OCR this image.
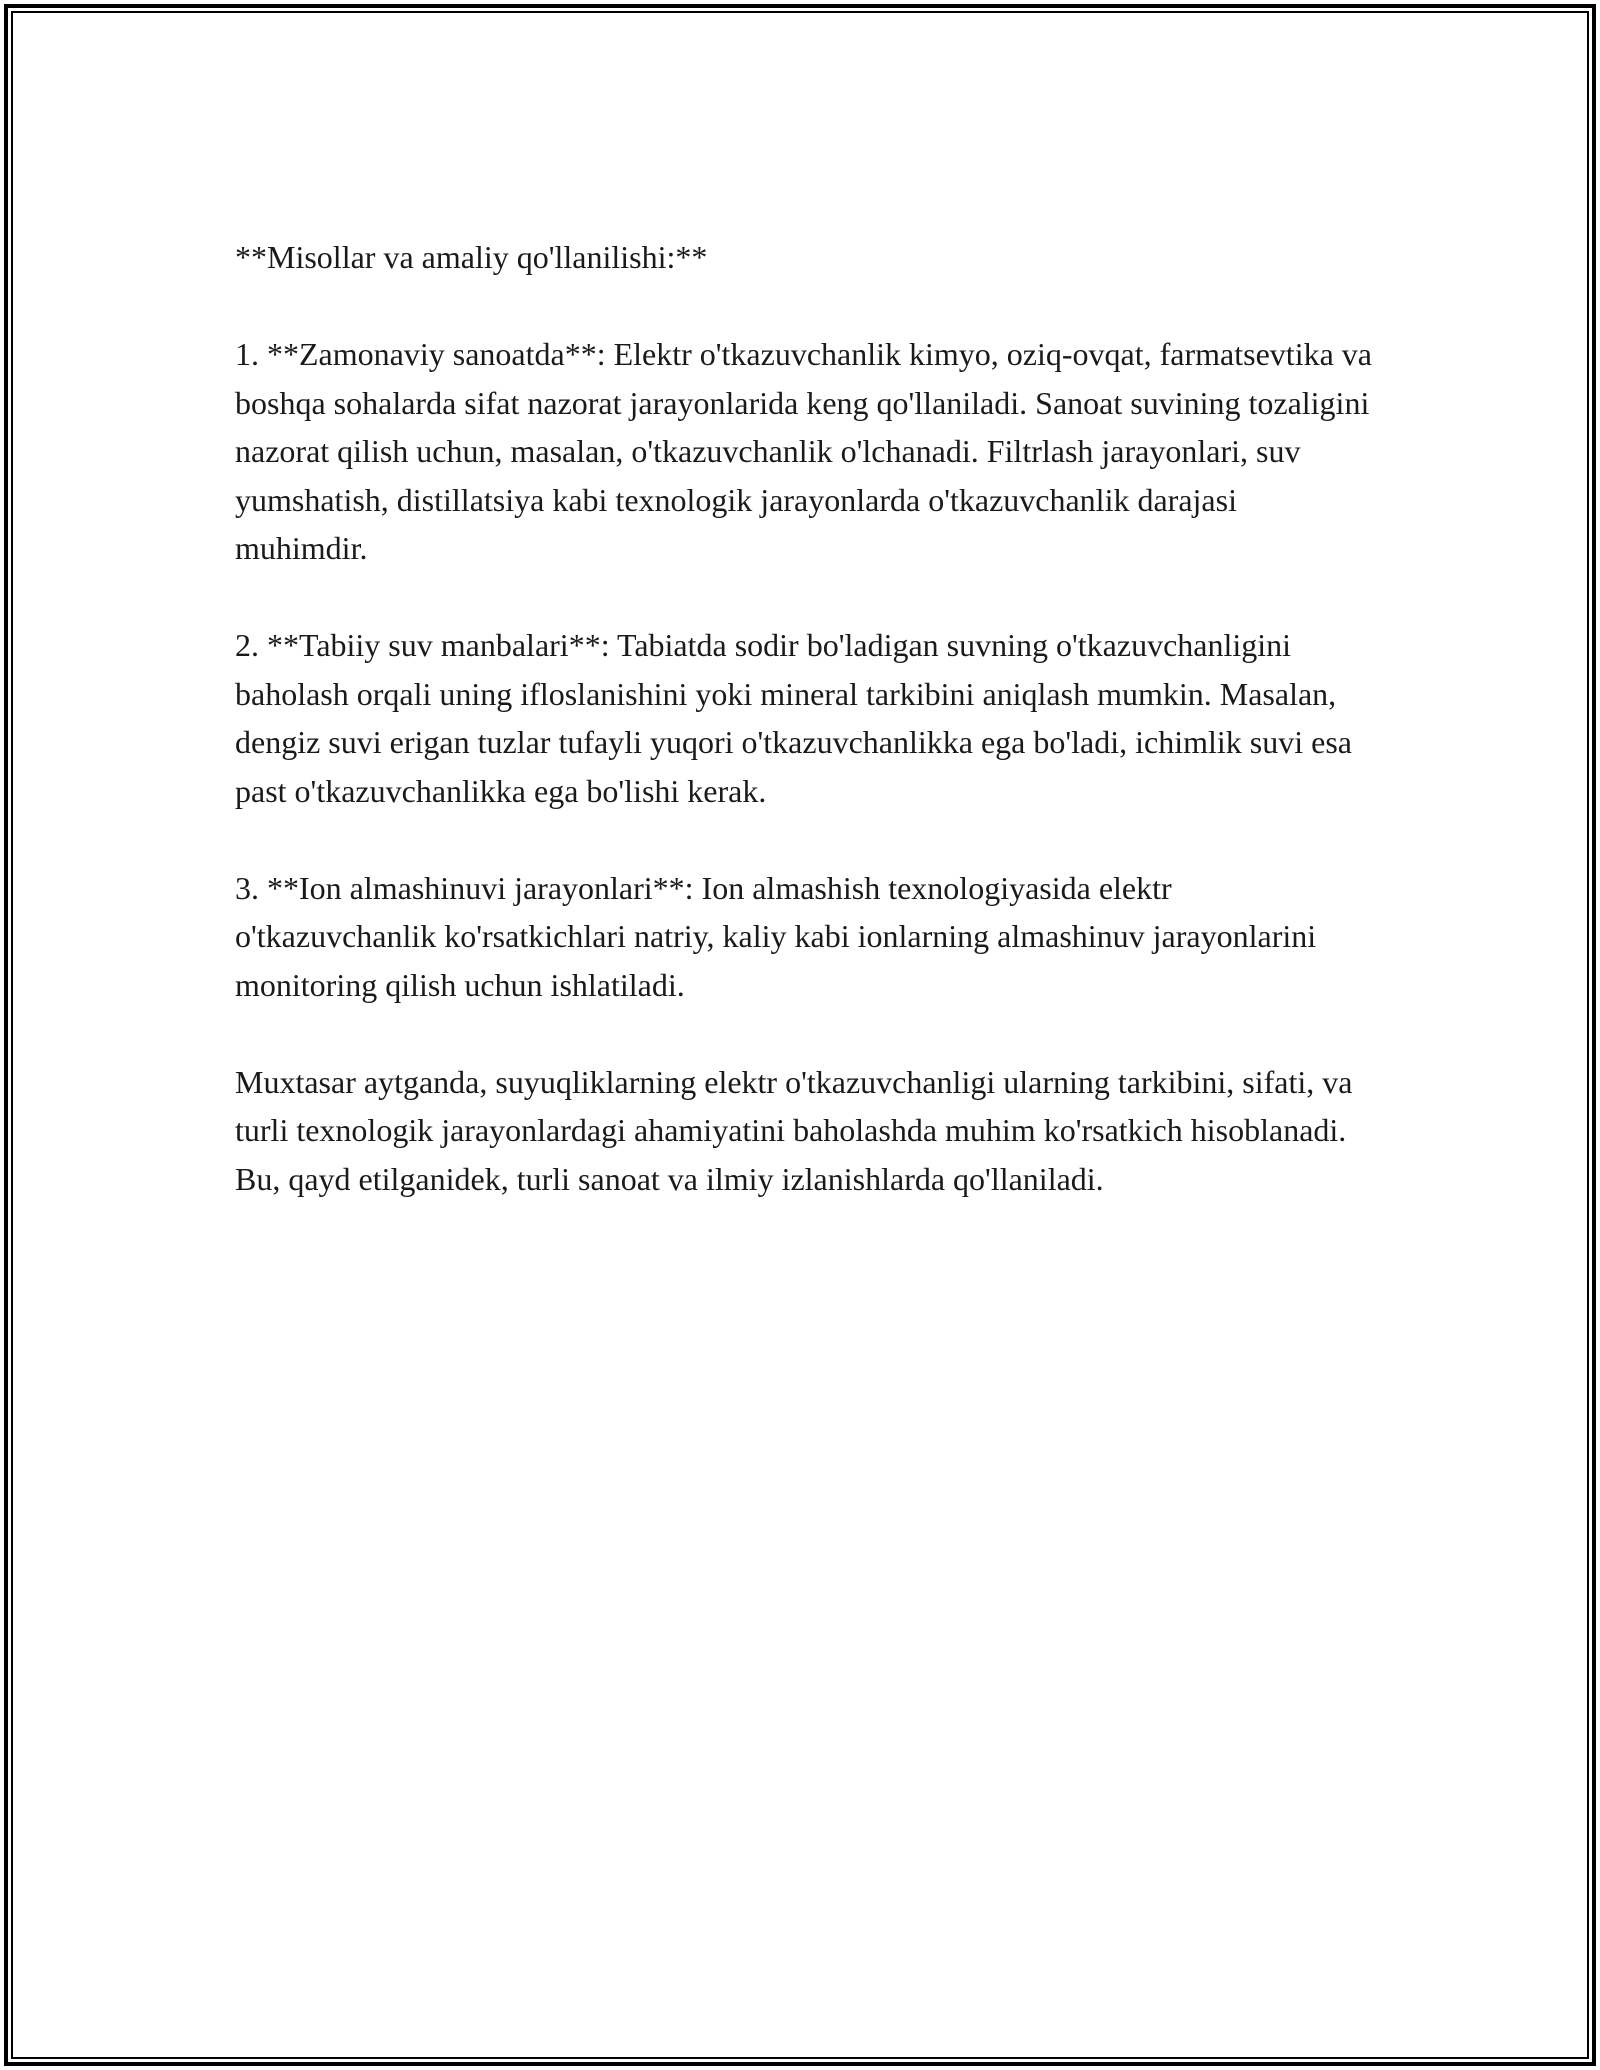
**Misollar va amaliy qo'llanilishi:**

1. **Zamonaviy sanoatda**: Elektr o'tkazuvchanlik kimyo, oziq-ovqat, farmatsevtika va boshqa sohalarda sifat nazorat jarayonlarida keng qo'llaniladi. Sanoat suvining tozaligini nazorat qilish uchun, masalan, o'tkazuvchanlik o'lchanadi. Filtrlash jarayonlari, suv yumshatish, distillatsiya kabi texnologik jarayonlarda o'tkazuvchanlik darajasi muhimdir.

2. **Tabiiy suv manbalari**: Tabiatda sodir bo'ladigan suvning o'tkazuvchanligini baholash orqali uning ifloslanishini yoki mineral tarkibini aniqlash mumkin. Masalan, dengiz suvi erigan tuzlar tufayli yuqori o'tkazuvchanlikka ega bo'ladi, ichimlik suvi esa past o'tkazuvchanlikka ega bo'lishi kerak.

3. **Ion almashinuvi jarayonlari**: Ion almashish texnologiyasida elektr o'tkazuvchanlik ko'rsatkichlari natriy, kaliy kabi ionlarning almashinuv jarayonlarini monitoring qilish uchun ishlatiladi.

Muxtasar aytganda, suyuqliklarning elektr o'tkazuvchanligi ularning tarkibini, sifati, va turli texnologik jarayonlardagi ahamiyatini baholashda muhim ko'rsatkich hisoblanadi. Bu, qayd etilganidek, turli sanoat va ilmiy izlanishlarda qo'llaniladi.
